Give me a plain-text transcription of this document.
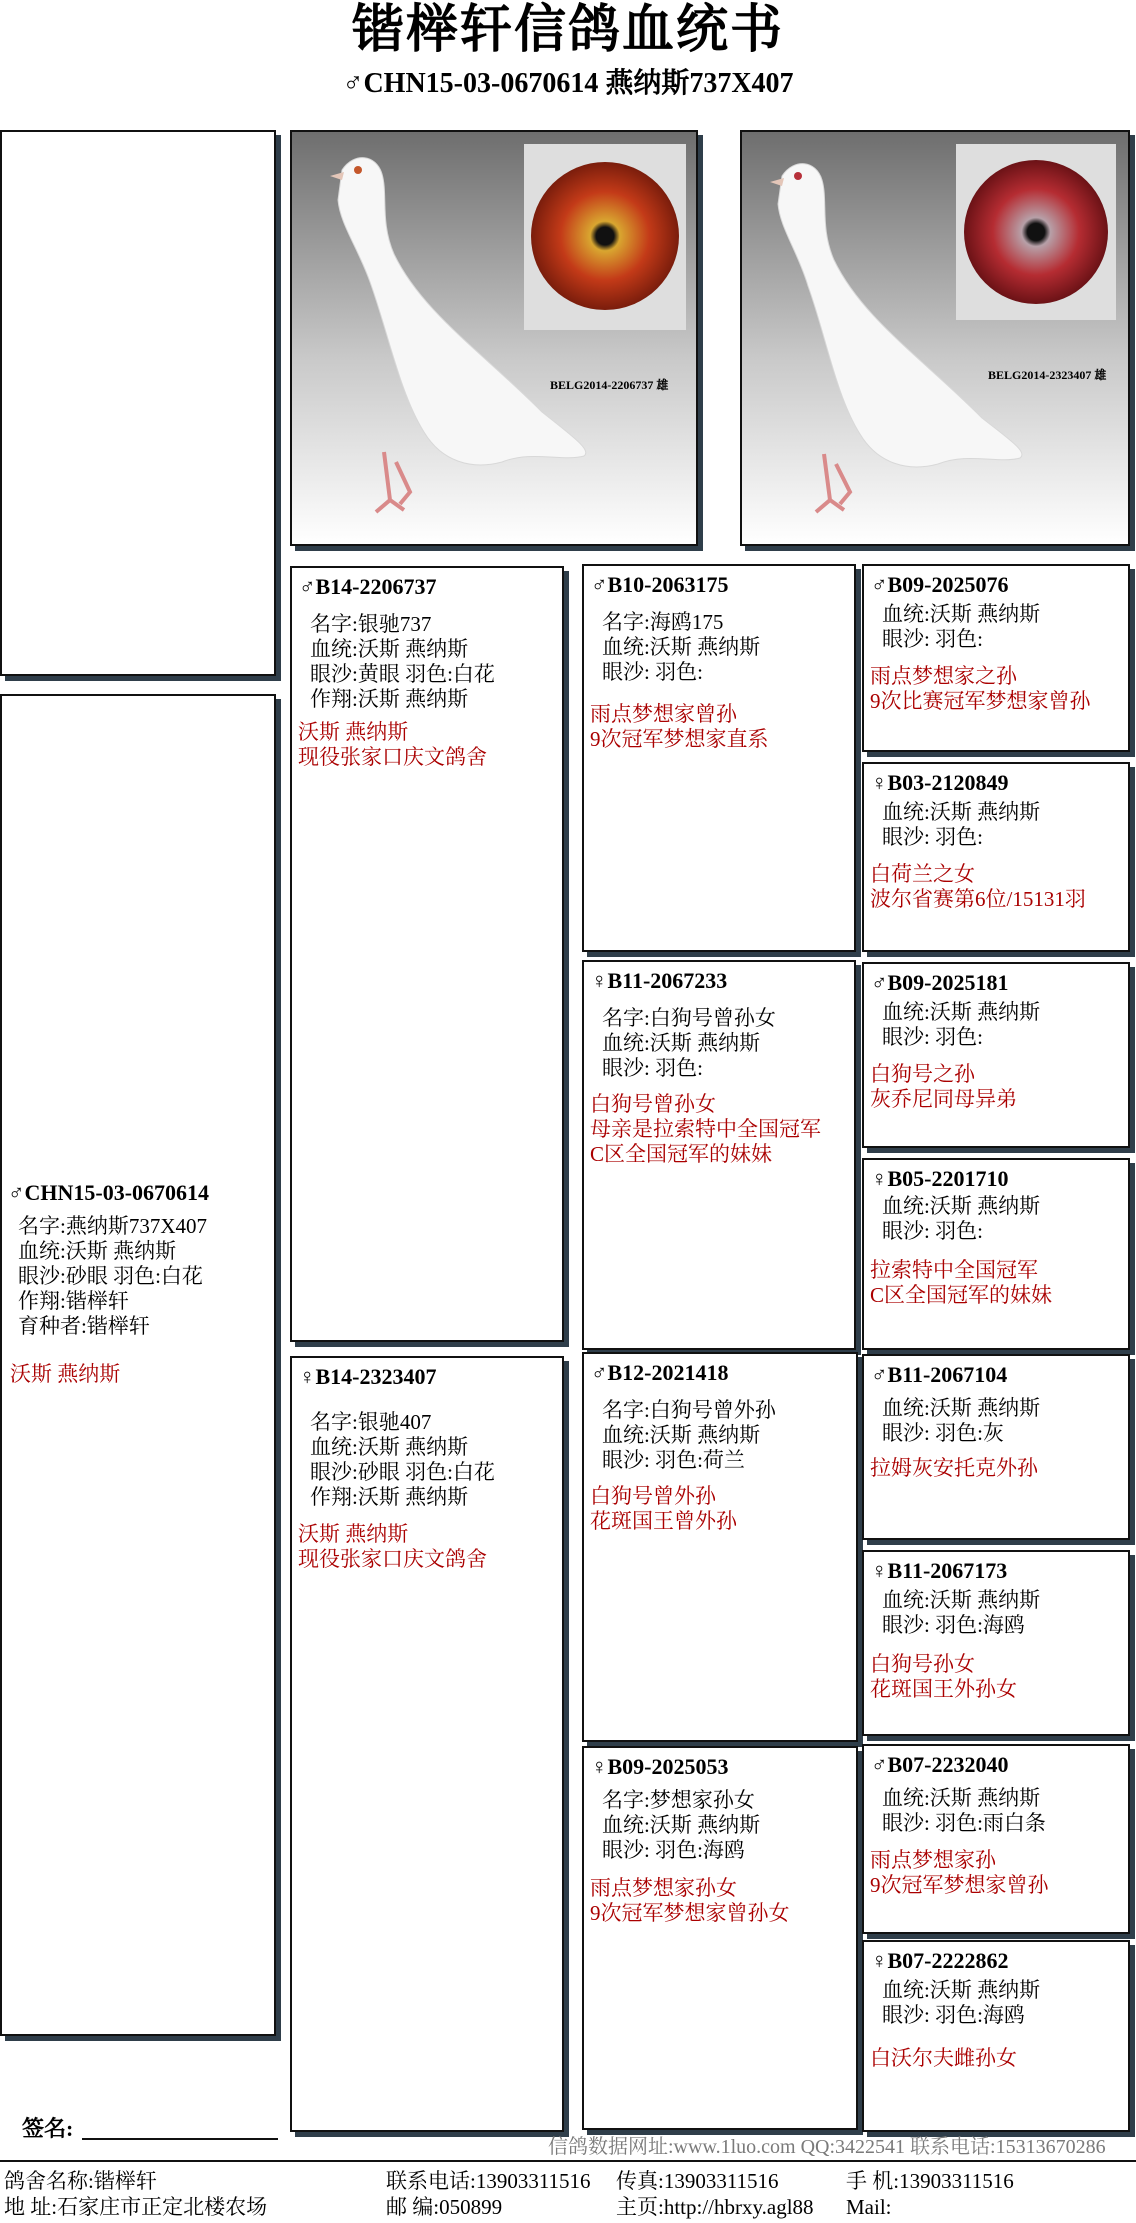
锴榉轩信鸽血统书
♂CHN15-03-0670614 燕纳斯737X407
♂CHN15-03-0670614
名字:燕纳斯737X407
血统:沃斯 燕纳斯
眼沙:砂眼 羽色:白花
作翔:锴榉轩
育种者:锴榉轩
沃斯 燕纳斯
BELG2014-2206737 雄
BELG2014-2323407 雄
♂B14-2206737
名字:银驰737
血统:沃斯 燕纳斯
眼沙:黄眼 羽色:白花
作翔:沃斯 燕纳斯
沃斯 燕纳斯
现役张家口庆文鸽舍
♀B14-2323407
名字:银驰407
血统:沃斯 燕纳斯
眼沙:砂眼 羽色:白花
作翔:沃斯 燕纳斯
沃斯 燕纳斯
现役张家口庆文鸽舍
♂B10-2063175
名字:海鸥175
血统:沃斯 燕纳斯
眼沙: 羽色:
雨点梦想家曾孙
9次冠军梦想家直系
♀B11-2067233
名字:白狗号曾孙女
血统:沃斯 燕纳斯
眼沙: 羽色:
白狗号曾孙女
母亲是拉索特中全国冠军
C区全国冠军的妹妹
♂B12-2021418
名字:白狗号曾外孙
血统:沃斯 燕纳斯
眼沙: 羽色:荷兰
白狗号曾外孙
花斑国王曾外孙
♀B09-2025053
名字:梦想家孙女
血统:沃斯 燕纳斯
眼沙: 羽色:海鸥
雨点梦想家孙女
9次冠军梦想家曾孙女
♂B09-2025076
血统:沃斯 燕纳斯
眼沙: 羽色:
雨点梦想家之孙
9次比赛冠军梦想家曾孙
♀B03-2120849
血统:沃斯 燕纳斯
眼沙: 羽色:
白荷兰之女
波尔省赛第6位/15131羽
♂B09-2025181
血统:沃斯 燕纳斯
眼沙: 羽色:
白狗号之孙
灰乔尼同母异弟
♀B05-2201710
血统:沃斯 燕纳斯
眼沙: 羽色:
拉索特中全国冠军
C区全国冠军的妹妹
♂B11-2067104
血统:沃斯 燕纳斯
眼沙: 羽色:灰
拉姆灰安托克外孙
♀B11-2067173
血统:沃斯 燕纳斯
眼沙: 羽色:海鸥
白狗号孙女
花斑国王外孙女
♂B07-2232040
血统:沃斯 燕纳斯
眼沙: 羽色:雨白条
雨点梦想家孙
9次冠军梦想家曾孙
♀B07-2222862
血统:沃斯 燕纳斯
眼沙: 羽色:海鸥
白沃尔夫雌孙女
签名:
信鸽数据网址:www.1luo.com QQ:3422541 联系电话:15313670286
鸽舍名称:锴榉轩
地 址:石家庄市正定北楼农场
联系电话:13903311516
邮 编:050899
传真:13903311516
主页:http://hbrxy.agl88
手 机:13903311516
Mail:
